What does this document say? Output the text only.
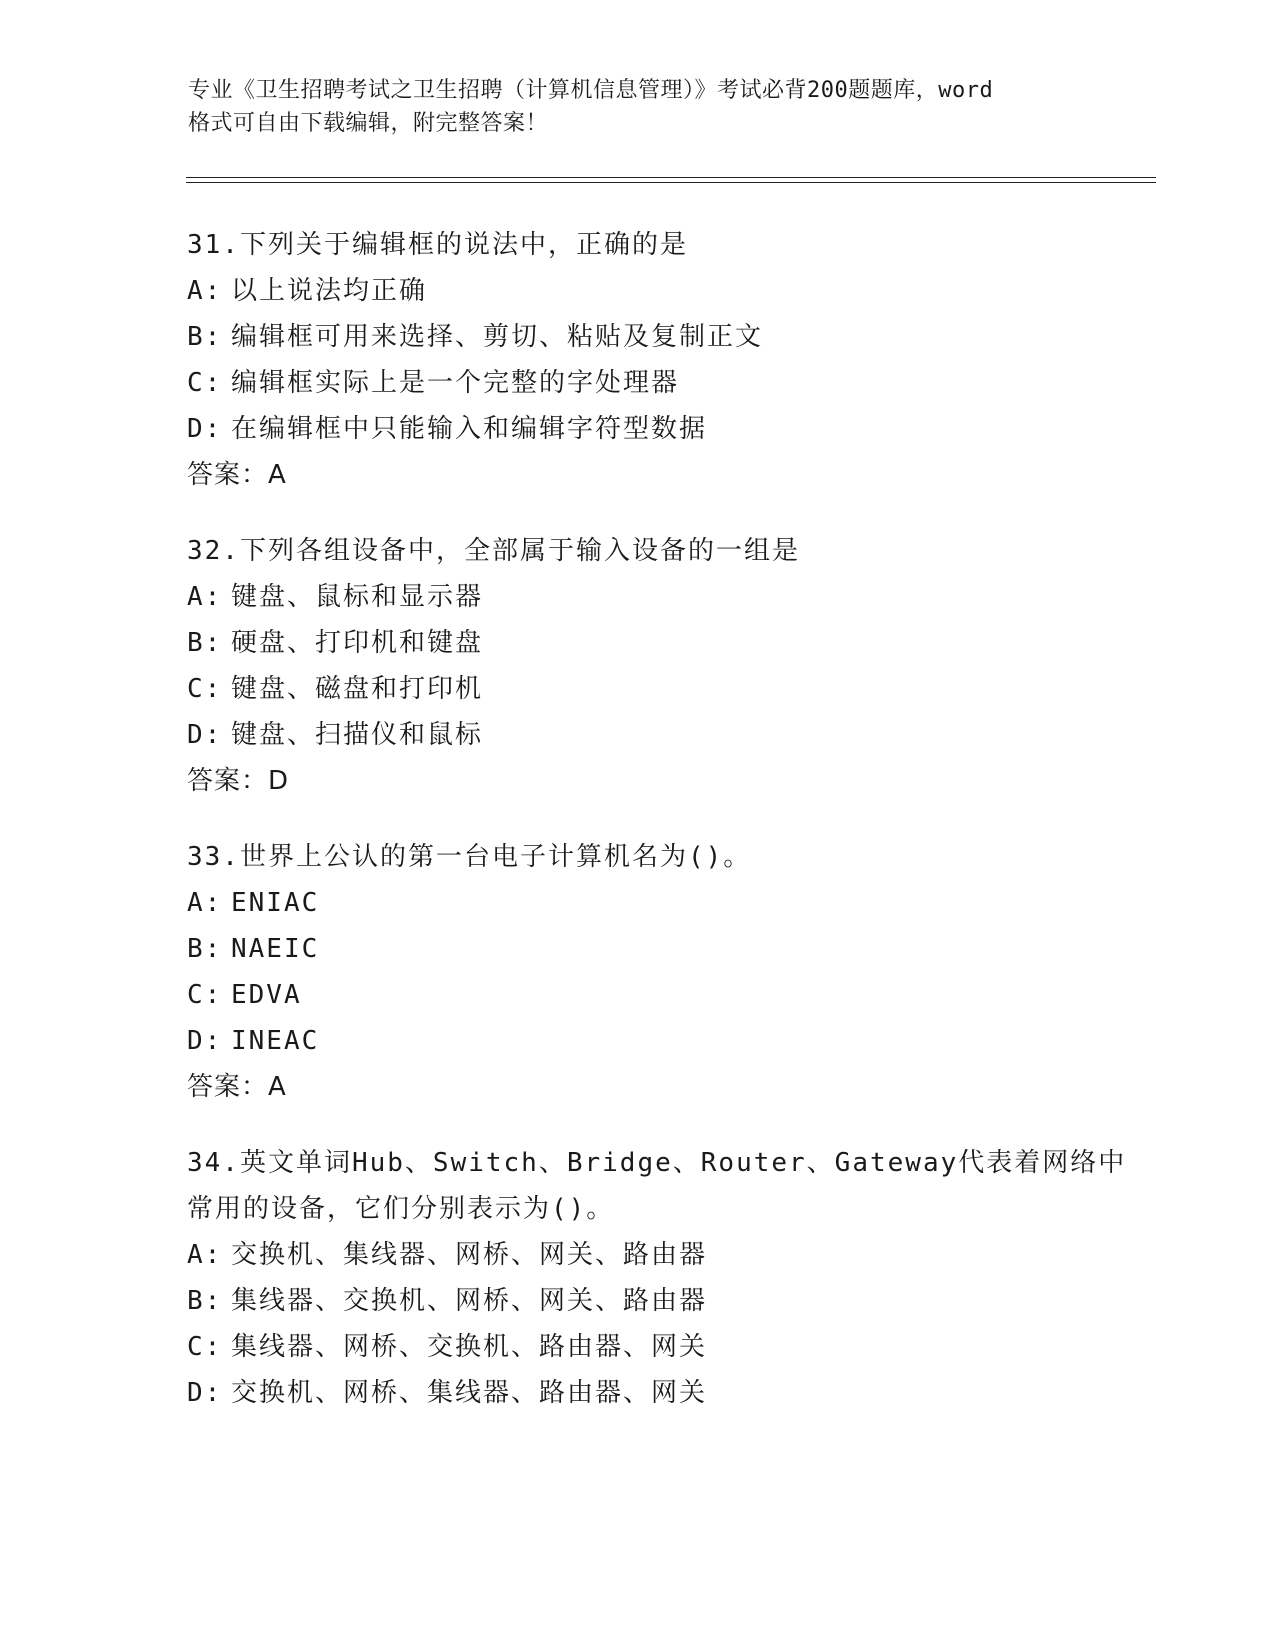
专业《卫生招聘考试之卫生招聘（计算机信息管理）》考试必背200题题库，word
格式可自由下载编辑，附完整答案！
31.下列关于编辑框的说法中，正确的是
A: 以上说法均正确
B: 编辑框可用来选择、剪切、粘贴及复制正文
C: 编辑框实际上是一个完整的字处理器
D: 在编辑框中只能输入和编辑字符型数据
答案：A
32.下列各组设备中，全部属于输入设备的一组是
A: 键盘、鼠标和显示器
B: 硬盘、打印机和键盘
C: 键盘、磁盘和打印机
D: 键盘、扫描仪和鼠标
答案：D
33.世界上公认的第一台电子计算机名为()。
A: ENIAC
B: NAEIC
C: EDVA
D: INEAC
答案：A
34.英文单词Hub、Switch、Bridge、Router、Gateway代表着网络中
常用的设备，它们分别表示为()。
A: 交换机、集线器、网桥、网关、路由器
B: 集线器、交换机、网桥、网关、路由器
C: 集线器、网桥、交换机、路由器、网关
D: 交换机、网桥、集线器、路由器、网关
